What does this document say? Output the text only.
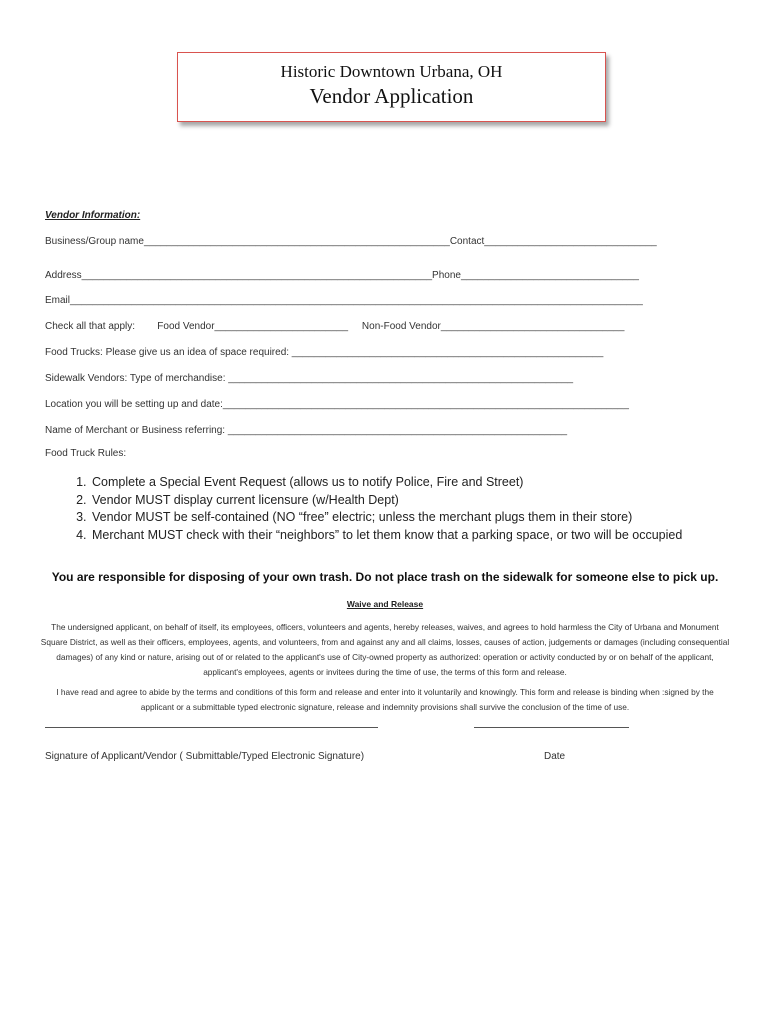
Historic Downtown Urbana, OH
Vendor Application
Vendor Information:
Business/Group name_______________________________________________________Contact_______________________________
Address_______________________________________________________________Phone________________________________
Email_______________________________________________________________________________________________________
Check all that apply:        Food Vendor________________________     Non-Food Vendor_________________________________
Food Trucks: Please give us an idea of space required: ________________________________________________________
Sidewalk Vendors: Type of merchandise: ______________________________________________________________
Location you will be setting up and date:_________________________________________________________________________
Name of Merchant or Business referring: _____________________________________________________________
Food Truck Rules:
1. Complete a Special Event Request (allows us to notify Police, Fire and Street)
2. Vendor MUST display current licensure (w/Health Dept)
3. Vendor MUST be self-contained (NO “free” electric; unless the merchant plugs them in their store)
4. Merchant MUST check with their “neighbors” to let them know that a parking space, or two will be occupied
You are responsible for disposing of your own trash. Do not place trash on the sidewalk for someone else to pick up.
Waive and Release
The undersigned applicant, on behalf of itself, its employees, officers, volunteers and agents, hereby releases, waives, and agrees to hold harmless the City of Urbana and Monument Square District, as well as their officers, employees, agents, and volunteers, from and against any and all claims, losses, causes of action, judgements or damages (including consequential damages) of any kind or nature, arising out of or related to the applicant's use of City-owned property as authorized: operation or activity conducted by or on behalf of the applicant, applicant's employees, agents or invitees during the time of use, the terms of this form and release.
I have read and agree to abide by the terms and conditions of this form and release and enter into it voluntarily and knowingly. This form and release is binding when :signed by the applicant or a submittable typed electronic signature, release and indemnity provisions shall survive the conclusion of the time of use.
Signature of Applicant/Vendor ( Submittable/Typed Electronic Signature)	Date
